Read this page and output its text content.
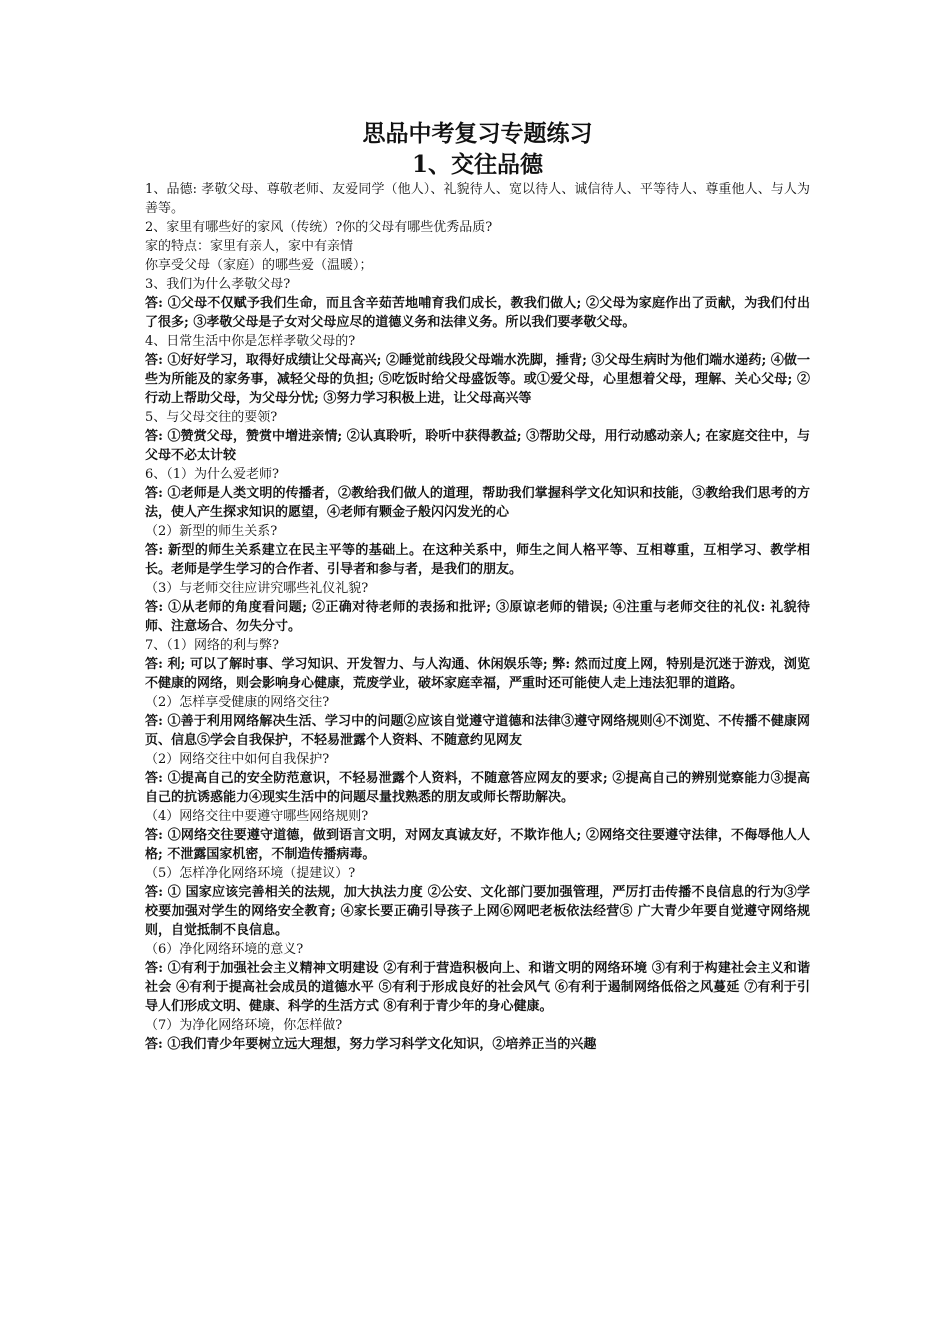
思品中考复习专题练习
1、交往品德

1、品德: 孝敬父母、尊敬老师、友爱同学（他人）、礼貌待人、宽以待人、诚信待人、平等待人、尊重他人、与人为善等。

2、家里有哪些好的家风（传统）?你的父母有哪些优秀品质?

家的特点：家里有亲人，家中有亲情

你享受父母（家庭）的哪些爱（温暖）；

3、我们为什么孝敬父母?

答: ①父母不仅赋予我们生命，而且含辛茹苦地哺育我们成长，教我们做人; ②父母为家庭作出了贡献，为我们付出了很多; ③孝敬父母是子女对父母应尽的道德义务和法律义务。所以我们要孝敬父母。

4、日常生活中你是怎样孝敬父母的?

答: ①好好学习，取得好成绩让父母高兴; ②睡觉前线段父母端水洗脚，捶背; ③父母生病时为他们端水递药; ④做一些为所能及的家务事，减轻父母的负担; ⑤吃饭时给父母盛饭等。或①爱父母，心里想着父母，理解、关心父母; ②行动上帮助父母，为父母分忧; ③努力学习积极上进，让父母高兴等

5、与父母交往的要领?

答: ①赞赏父母，赞赏中增进亲情; ②认真聆听，聆听中获得教益; ③帮助父母，用行动感动亲人; 在家庭交往中，与父母不必太计较

6、（1）为什么爱老师?

答: ①老师是人类文明的传播者，②教给我们做人的道理，帮助我们掌握科学文化知识和技能，③教给我们思考的方法，使人产生探求知识的愿望，④老师有颗金子般闪闪发光的心

（2）新型的师生关系?

答: 新型的师生关系建立在民主平等的基础上。在这种关系中，师生之间人格平等、互相尊重，互相学习、教学相长。老师是学生学习的合作者、引导者和参与者，是我们的朋友。

（3）与老师交往应讲究哪些礼仪礼貌?

答: ①从老师的角度看问题; ②正确对待老师的表扬和批评; ③原谅老师的错误; ④注重与老师交往的礼仪: 礼貌待师、注意场合、勿失分寸。

7、（1）网络的利与弊?

答: 利; 可以了解时事、学习知识、开发智力、与人沟通、休闲娱乐等; 弊: 然而过度上网，特别是沉迷于游戏，浏览不健康的网络，则会影响身心健康，荒废学业，破坏家庭幸福，严重时还可能使人走上违法犯罪的道路。

（2）怎样享受健康的网络交往?

答: ①善于利用网络解决生活、学习中的问题②应该自觉遵守道德和法律③遵守网络规则④不浏览、不传播不健康网页、信息⑤学会自我保护，不轻易泄露个人资料、不随意约见网友

（2）网络交往中如何自我保护?

答: ①提高自己的安全防范意识，不轻易泄露个人资料，不随意答应网友的要求; ②提高自己的辨别觉察能力③提高自己的抗诱惑能力④现实生活中的问题尽量找熟悉的朋友或师长帮助解决。

（4）网络交往中要遵守哪些网络规则?

答: ①网络交往要遵守道德，做到语言文明，对网友真诚友好，不欺诈他人; ②网络交往要遵守法律，不侮辱他人人格; 不泄露国家机密，不制造传播病毒。

（5）怎样净化网络环境（提建议）?

答: ① 国家应该完善相关的法规，加大执法力度 ②公安、文化部门要加强管理，严厉打击传播不良信息的行为③学校要加强对学生的网络安全教育; ④家长要正确引导孩子上网⑥网吧老板依法经营⑤ 广大青少年要自觉遵守网络规则，自觉抵制不良信息。

（6）净化网络环境的意义?

答: ①有利于加强社会主义精神文明建设 ②有利于营造积极向上、和谐文明的网络环境 ③有利于构建社会主义和谐社会 ④有利于提高社会成员的道德水平 ⑤有利于形成良好的社会风气 ⑥有利于遏制网络低俗之风蔓延 ⑦有利于引导人们形成文明、健康、科学的生活方式 ⑧有利于青少年的身心健康。

（7）为净化网络环境，你怎样做?

答: ①我们青少年要树立远大理想，努力学习科学文化知识，②培养正当的兴趣
